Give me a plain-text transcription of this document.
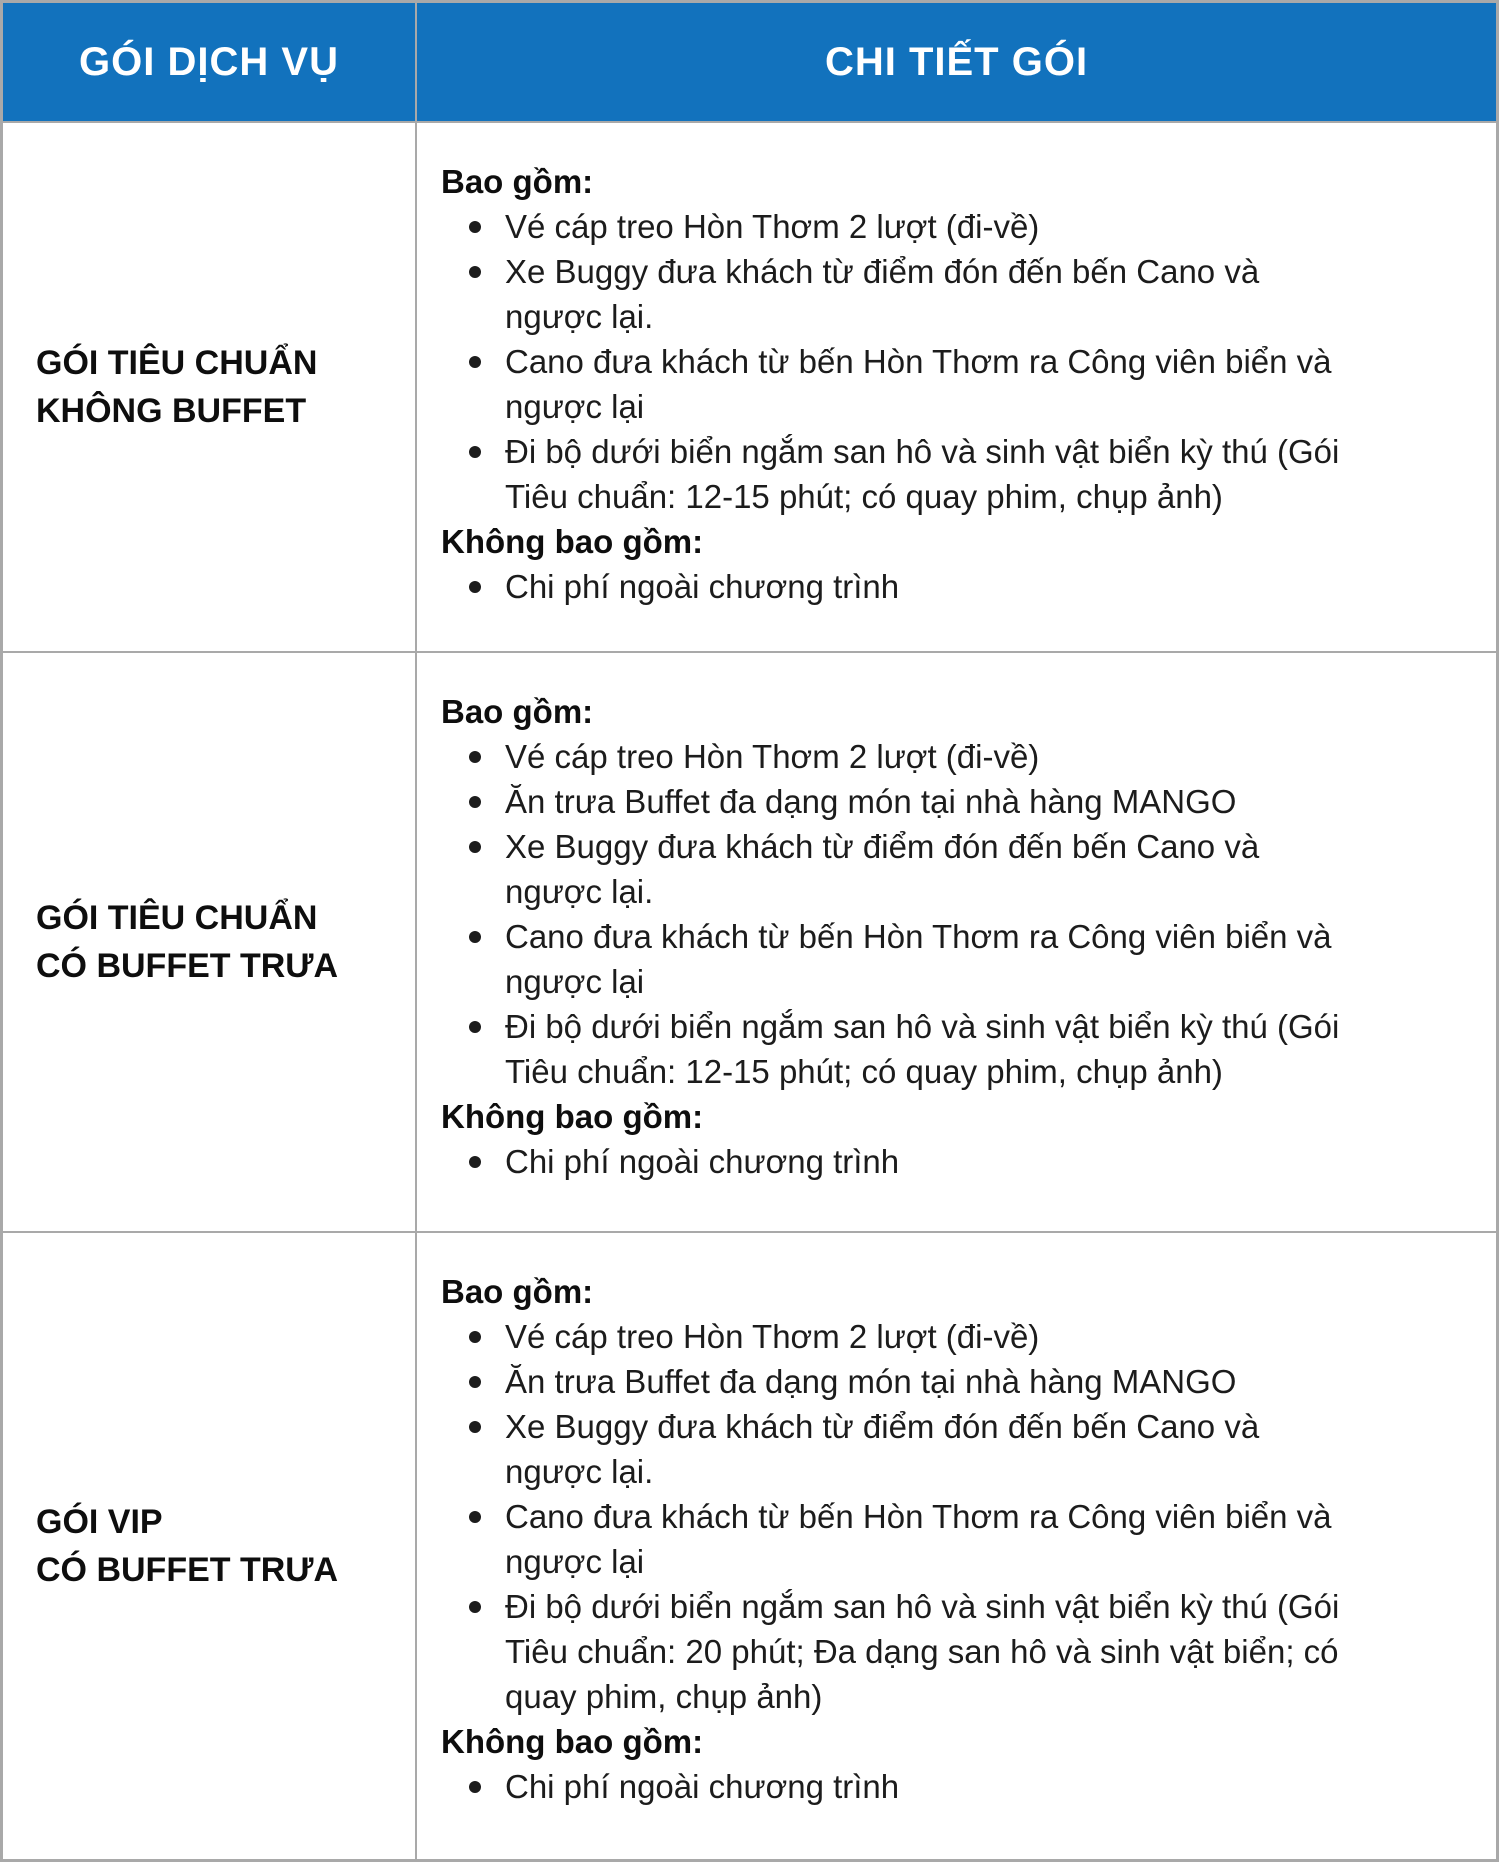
GÓI DỊCH VỤ	CHI TIẾT GÓI
GÓI TIÊU CHUẨN
KHÔNG BUFFET

Bao gồm:

Vé cáp treo Hòn Thơm 2 lượt (đi-về)
Xe Buggy đưa khách từ điểm đón đến bến Cano và
ngược lại.
Cano đưa khách từ bến Hòn Thơm ra Công viên biển và
ngược lại
Đi bộ dưới biển ngắm san hô và sinh vật biển kỳ thú (Gói
Tiêu chuẩn: 12-15 phút; có quay phim, chụp ảnh)

Không bao gồm:

Chi phí ngoài chương trình
GÓI TIÊU CHUẨN
CÓ BUFFET TRƯA

Bao gồm:

Vé cáp treo Hòn Thơm 2 lượt (đi-về)
Ăn trưa Buffet đa dạng món tại nhà hàng MANGO
Xe Buggy đưa khách từ điểm đón đến bến Cano và
ngược lại.
Cano đưa khách từ bến Hòn Thơm ra Công viên biển và
ngược lại
Đi bộ dưới biển ngắm san hô và sinh vật biển kỳ thú (Gói
Tiêu chuẩn: 12-15 phút; có quay phim, chụp ảnh)

Không bao gồm:

Chi phí ngoài chương trình
GÓI VIP
CÓ BUFFET TRƯA

Bao gồm:

Vé cáp treo Hòn Thơm 2 lượt (đi-về)
Ăn trưa Buffet đa dạng món tại nhà hàng MANGO
Xe Buggy đưa khách từ điểm đón đến bến Cano và
ngược lại.
Cano đưa khách từ bến Hòn Thơm ra Công viên biển và
ngược lại
Đi bộ dưới biển ngắm san hô và sinh vật biển kỳ thú (Gói
Tiêu chuẩn: 20 phút; Đa dạng san hô và sinh vật biển; có
quay phim, chụp ảnh)

Không bao gồm:

Chi phí ngoài chương trình
